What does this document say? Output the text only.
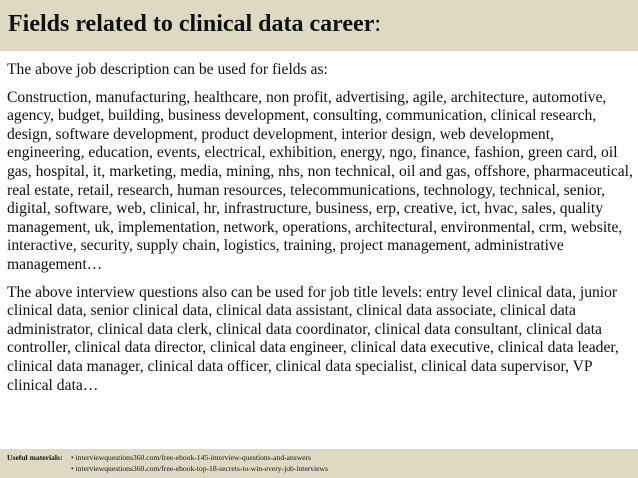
Fields related to clinical data career:

The above job description can be used for fields as:

Construction, manufacturing, healthcare, non profit, advertising, agile, architecture, automotive, agency, budget, building, business development, consulting, communication, clinical research, design, software development, product development, interior design, web development, engineering, education, events, electrical, exhibition, energy, ngo, finance, fashion, green card, oil gas, hospital, it, marketing, media, mining, nhs, non technical, oil and gas, offshore, pharmaceutical, real estate, retail, research, human resources, telecommunications, technology, technical, senior, digital, software, web, clinical, hr, infrastructure, business, erp, creative, ict, hvac, sales, quality management, uk, implementation, network, operations, architectural, environmental, crm, website, interactive, security, supply chain, logistics, training, project management, administrative management…

The above interview questions also can be used for job title levels: entry level clinical data, junior clinical data, senior clinical data, clinical data assistant, clinical data associate, clinical data administrator, clinical data clerk, clinical data coordinator, clinical data consultant, clinical data controller, clinical data director, clinical data engineer, clinical data executive, clinical data leader, clinical data manager, clinical data officer, clinical data specialist, clinical data supervisor, VP clinical data…

Useful materials:	• interviewquestions360.com/free-ebook-145-interview-questions-and-answers
• interviewquestions360.com/free-ebook-top-18-secrets-to-win-every-job-interviews
